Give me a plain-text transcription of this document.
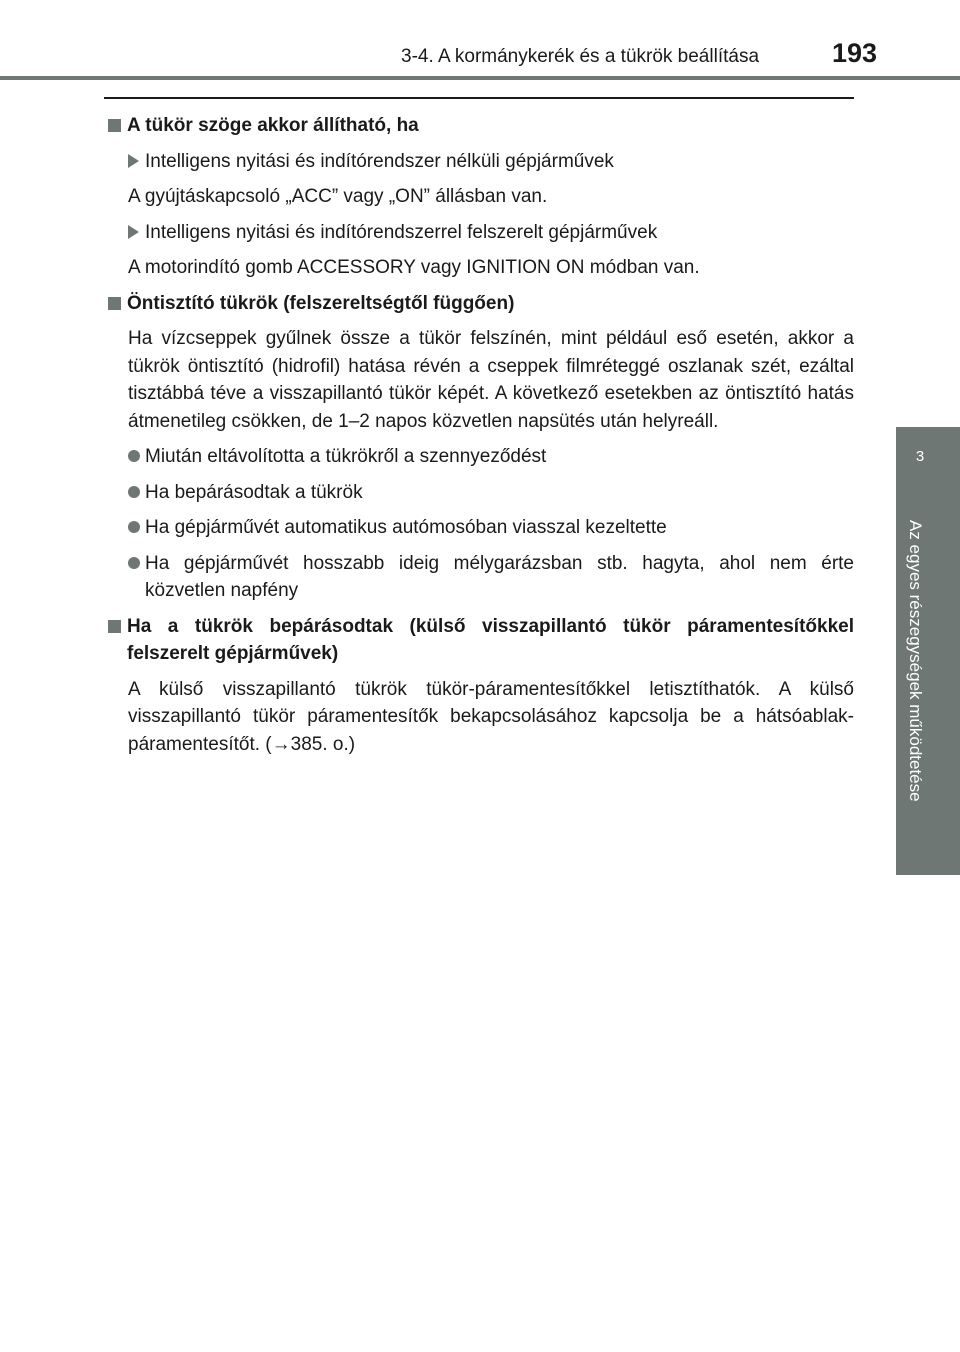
3-4. A kormánykerék és a tükrök beállítása	193
3
Az egyes részegységek működtetése
A tükör szöge akkor állítható, ha
Intelligens nyitási és indítórendszer nélküli gépjárművek
A gyújtáskapcsoló „ACC” vagy „ON” állásban van.
Intelligens nyitási és indítórendszerrel felszerelt gépjárművek
A motorindító gomb ACCESSORY vagy IGNITION ON módban van.
Öntisztító tükrök (felszereltségtől függően)
Ha vízcseppek gyűlnek össze a tükör felszínén, mint például eső esetén, akkor a tükrök öntisztító (hidrofil) hatása révén a cseppek filmréteggé oszlanak szét, ezáltal tisztábbá téve a visszapillantó tükör képét. A következő esetekben az öntisztító hatás átmenetileg csökken, de 1–2 napos közvetlen napsütés után helyreáll.
Miután eltávolította a tükrökről a szennyeződést
Ha bepárásodtak a tükrök
Ha gépjárművét automatikus autómosóban viasszal kezeltette
Ha gépjárművét hosszabb ideig mélygarázsban stb. hagyta, ahol nem érte közvetlen napfény
Ha a tükrök bepárásodtak (külső visszapillantó tükör páramentesítőkkel felszerelt gépjárművek)
A külső visszapillantó tükrök tükör-páramentesítőkkel letisztíthatók. A külső visszapillantó tükör páramentesítők bekapcsolásához kapcsolja be a hátsóablak-páramentesítőt. (→385. o.)
